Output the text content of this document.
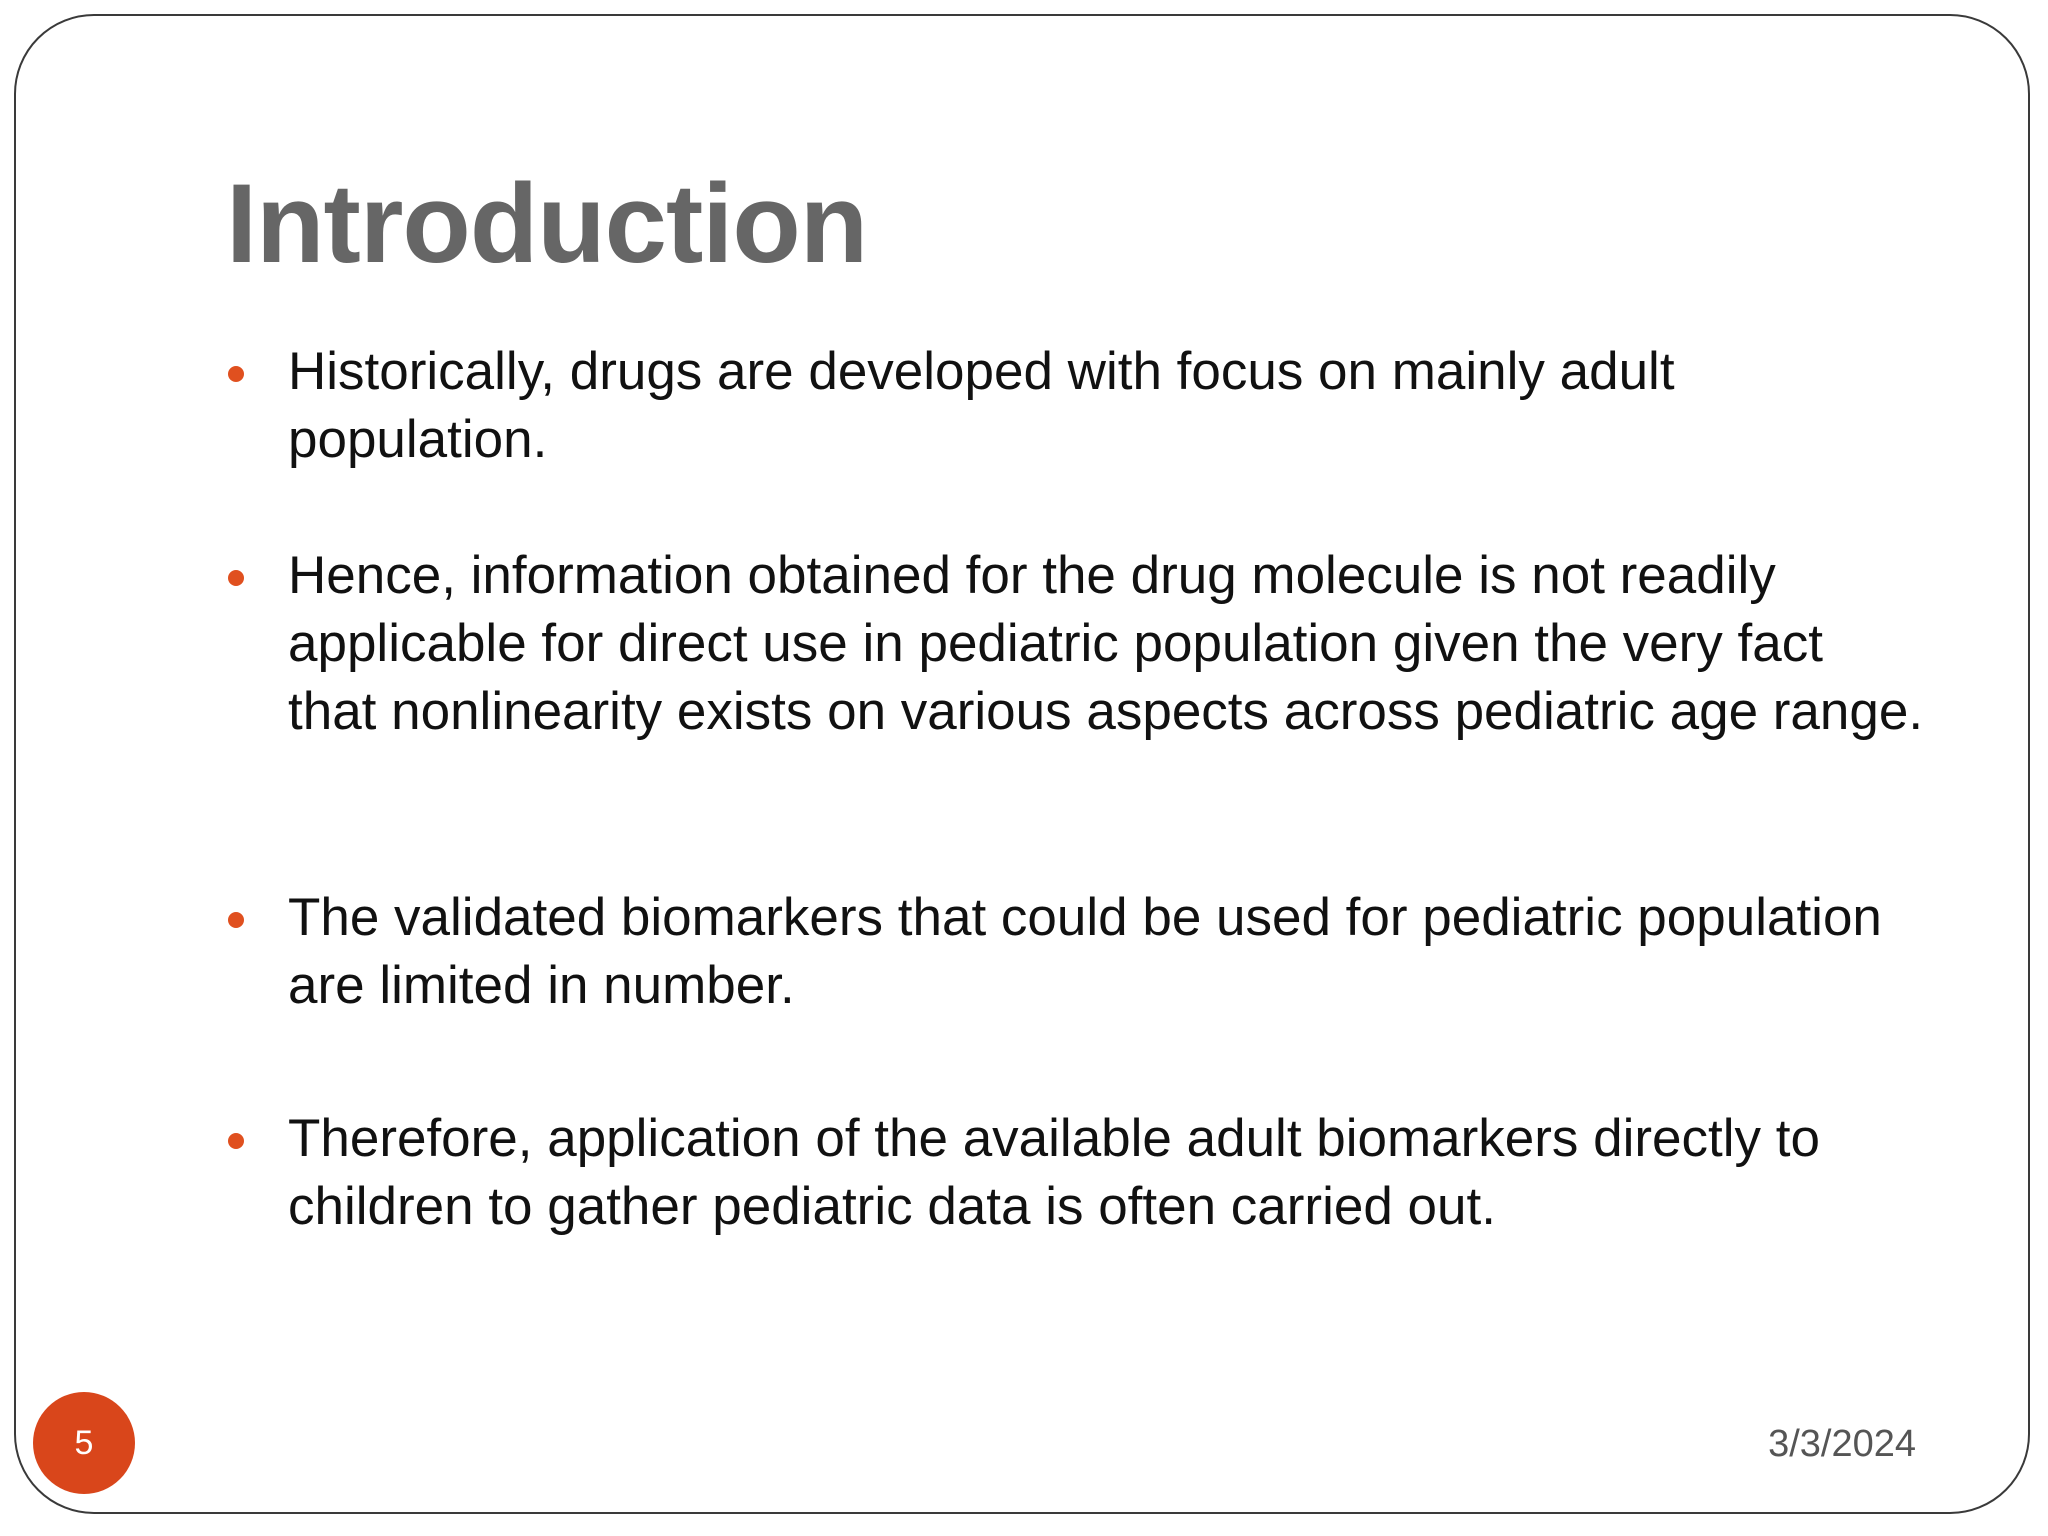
Introduction
Historically, drugs are developed with focus on mainly adult population.
Hence, information obtained for the drug molecule is not readily applicable for direct use in pediatric population given the very fact that nonlinearity exists on various aspects across pediatric age range.
The validated biomarkers that could be used for pediatric population are limited in number.
Therefore, application of the available adult biomarkers directly to children to gather pediatric data is often carried out.
5	3/3/2024
